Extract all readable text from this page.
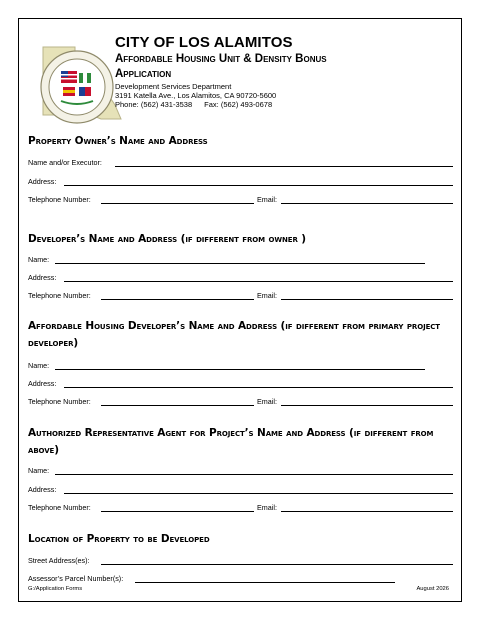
CITY OF LOS ALAMITOS
Affordable Housing Unit & Density Bonus
Application
Development Services Department
3191 Katella Ave., Los Alamitos, CA 90720-5600
Phone: (562) 431-3538 Fax: (562) 493-0678
Property Owner’s Name and Address
Name and/or Executor:
Address:
Telephone Number:	Email:
Developer’s Name and Address (if different from owner )
Name:
Address:
Telephone Number:	Email:
Affordable Housing Developer’s Name and Address (if different from primary project developer)
Name:
Address:
Telephone Number:	Email:
Authorized Representative Agent for Project’s Name and Address (if different from above)
Name:
Address:
Telephone Number:	Email:
Location of Property to be Developed
Street Address(es):
Assessor’s Parcel Number(s):
G:/Application Forms	August 2026
